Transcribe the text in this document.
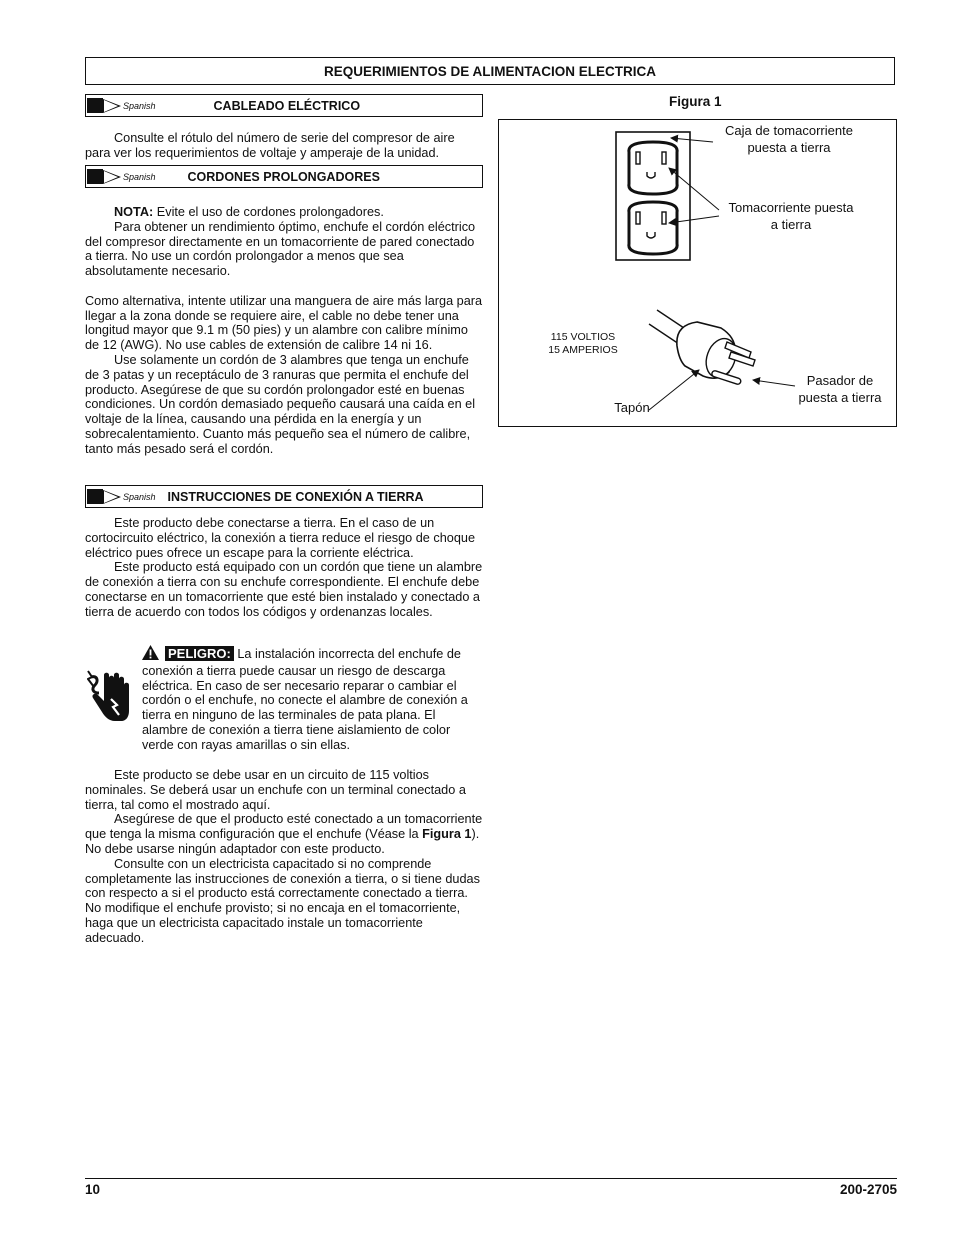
REQUERIMIENTOS DE ALIMENTACION ELECTRICA
Spanish	CABLEADO ELÉCTRICO

Consulte el rótulo del número de serie del compresor de aire para ver los requerimientos de voltaje y amperaje de la unidad.

Spanish	CORDONES PROLONGADORES

NOTA: Evite el uso de cordones prolongadores.

Para obtener un rendimiento óptimo, enchufe el cordón eléctrico del compresor directamente en un tomacorriente de pared conectado a tierra. No use un cordón prolongador a menos que sea absolutamente necesario.

Como alternativa, intente utilizar una manguera de aire más larga para llegar a la zona donde se requiere aire, el cable no debe tener una longitud mayor que 9.1 m (50 pies) y un alambre con calibre mínimo de 12 (AWG). No use cables de extensión de calibre 14 ni 16.

Use solamente un cordón de 3 alambres que tenga un enchufe de 3 patas y un receptáculo de 3 ranuras que permita el enchufe del producto. Asegúrese de que su cordón prolongador esté en buenas condiciones. Un cordón demasiado pequeño causará una caída en el voltaje de la línea, causando una pérdida en la energía y un sobrecalentamiento. Cuanto más pequeño sea el número de calibre, tanto más pesado será el cordón.

Spanish INSTRUCCIONES DE CONEXIÓN A TIERRA

Este producto debe conectarse a tierra. En el caso de un cortocircuito eléctrico, la conexión a tierra reduce el riesgo de choque eléctrico pues ofrece un escape para la corriente eléctrica.

Este producto está equipado con un cordón que tiene un alambre de conexión a tierra con su enchufe correspondiente. El enchufe debe conectarse en un tomacorriente que esté bien instalado y conectado a tierra de acuerdo con todos los códigos y ordenanzas locales.

PELIGRO: La instalación incorrecta del enchufe de conexión a tierra puede causar un riesgo de descarga eléctrica. En caso de ser necesario reparar o cambiar el cordón o el enchufe, no conecte el alambre de conexión a tierra en ninguno de las terminales de pata plana. El alambre de conexión a tierra tiene aislamiento de color verde con rayas amarillas o sin ellas.

Este producto se debe usar en un circuito de 115 voltios nominales. Se deberá usar un enchufe con un terminal conectado a tierra, tal como el mostrado aquí.

Asegúrese de que el producto esté conectado a un tomacorriente que tenga la misma configuración que el enchufe (Véase la Figura 1). No debe usarse ningún adaptador con este producto.

Consulte con un electricista capacitado si no comprende completamente las instrucciones de conexión a tierra, o si tiene dudas con respecto a si el producto está correctamente conectado a tierra. No modifique el enchufe provisto; si no encaja en el tomacorriente, haga que un electricista capacitado instale un tomacorriente adecuado.

Figura 1
Caja de tomacorriente
puesta a tierra
Tomacorriente puesta
a tierra
115 VOLTIOS
15 AMPERIOS
Tapón
Pasador de
puesta a tierra
10	200-2705
